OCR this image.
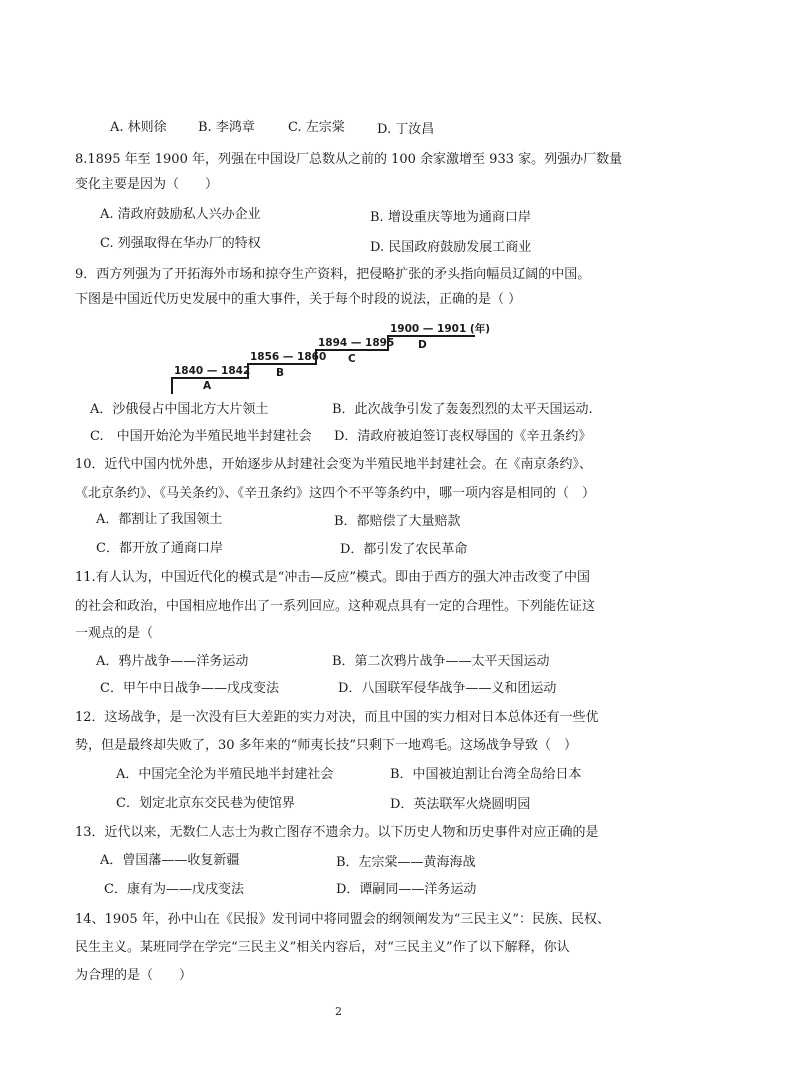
A. 林则徐 B. 李鸿章	C. 左宗棠 D. 丁汝昌
8.1895 年至 1900 年，列强在中国设厂总数从之前的 100 余家激增至 933 家。列强办厂数量
变化主要是因为（　　）
A. 清政府鼓励私人兴办企业	B. 增设重庆等地为通商口岸
C. 列强取得在华办厂的特权	D. 民国政府鼓励发展工商业
9．西方列强为了开拓海外市场和掠夺生产资料，把侵略扩张的矛头指向幅员辽阔的中国。
下图是中国近代历史发展中的重大事件，关于每个时段的说法，正确的是（ ）
1840 — 1842
A
1856 — 1860
B
1894 — 1895
C
1900 — 1901 (年)
D
A．沙俄侵占中国北方大片领土	B．此次战争引发了轰轰烈烈的太平天国运动.
C.　中国开始沦为半殖民地半封建社会 D．清政府被迫签订丧权辱国的《辛丑条约》
10．近代中国内忧外患，开始逐步从封建社会变为半殖民地半封建社会。在《南京条约》、
《北京条约》、《马关条约》、《辛丑条约》这四个不平等条约中，哪一项内容是相同的（　）
A．都割让了我国领土	B．都赔偿了大量赔款
C．都开放了通商口岸	D．都引发了农民革命
11.有人认为，中国近代化的模式是“冲击—反应”模式。即由于西方的强大冲击改变了中国
的社会和政治，中国相应地作出了一系列回应。这种观点具有一定的合理性。下列能佐证这
一观点的是（
A．鸦片战争——洋务运动	B．第二次鸦片战争——太平天国运动
C．甲午中日战争——戊戌变法	D．八国联军侵华战争——义和团运动
12．这场战争，是一次没有巨大差距的实力对决，而且中国的实力相对日本总体还有一些优
势，但是最终却失败了，30 多年来的“师夷长技”只剩下一地鸡毛。这场战争导致（　）
A．中国完全沦为半殖民地半封建社会	B．中国被迫割让台湾全岛给日本
C．划定北京东交民巷为使馆界	D．英法联军火烧圆明园
13．近代以来，无数仁人志士为救亡图存不遗余力。以下历史人物和历史事件对应正确的是
A．曾国藩——收复新疆	B．左宗棠——黄海海战
C．康有为——戊戌变法	D．谭嗣同——洋务运动
14、1905 年，孙中山在《民报》发刊词中将同盟会的纲领阐发为“三民主义”：民族、民权、
民生主义。某班同学在学完“三民主义”相关内容后，对“三民主义”作了以下解释，你认
为合理的是（　　）
2
